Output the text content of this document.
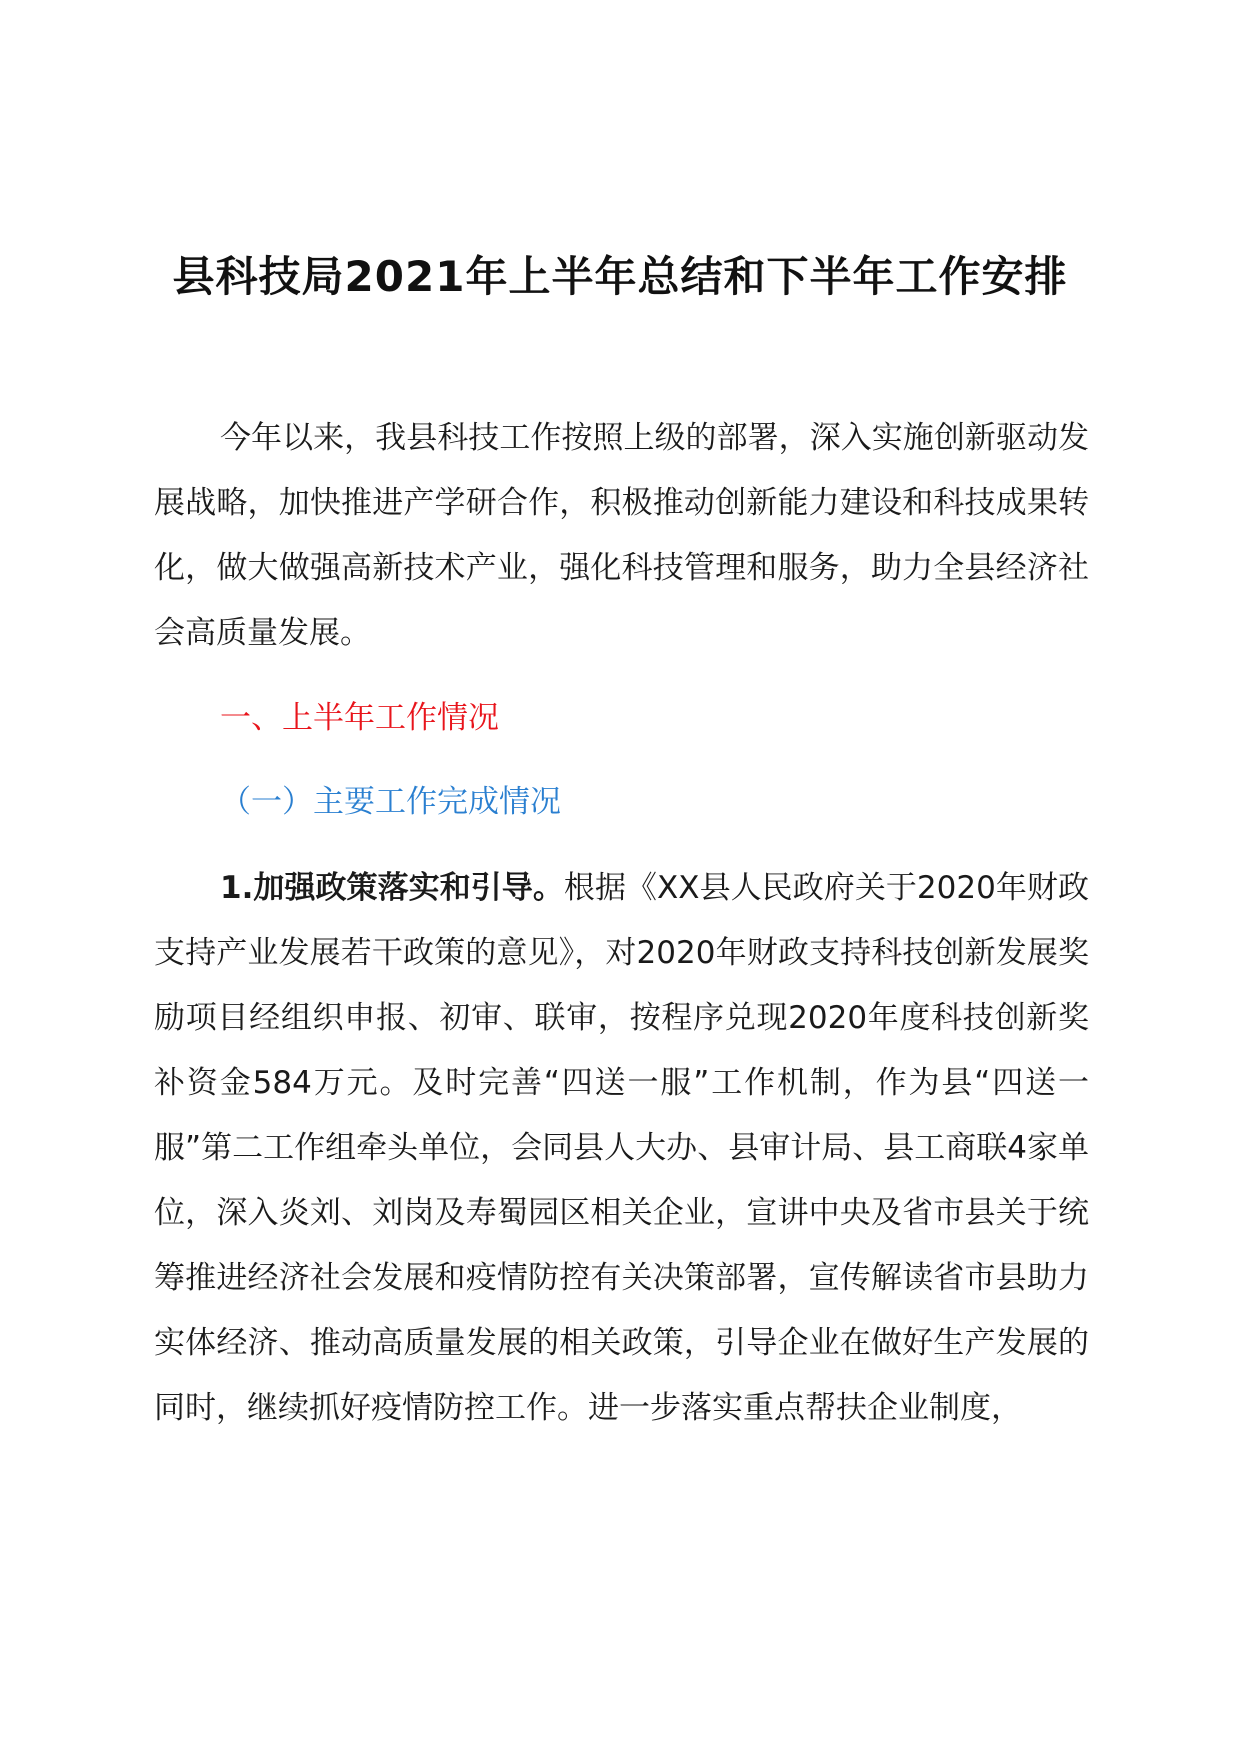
县科技局2021年上半年总结和下半年工作安排
今年以来，我县科技工作按照上级的部署，深入实施创新驱动发展战略，加快推进产学研合作，积极推动创新能力建设和科技成果转化，做大做强高新技术产业，强化科技管理和服务，助力全县经济社会高质量发展。
一、上半年工作情况
（一）主要工作完成情况
1.加强政策落实和引导。根据《XX县人民政府关于2020年财政支持产业发展若干政策的意见》，对2020年财政支持科技创新发展奖励项目经组织申报、初审、联审，按程序兑现2020年度科技创新奖补资金584万元。及时完善“四送一服”工作机制，作为县“四送一服”第二工作组牵头单位，会同县人大办、县审计局、县工商联4家单位，深入炎刘、刘岗及寿蜀园区相关企业，宣讲中央及省市县关于统筹推进经济社会发展和疫情防控有关决策部署，宣传解读省市县助力实体经济、推动高质量发展的相关政策，引导企业在做好生产发展的同时，继续抓好疫情防控工作。进一步落实重点帮扶企业制度，
